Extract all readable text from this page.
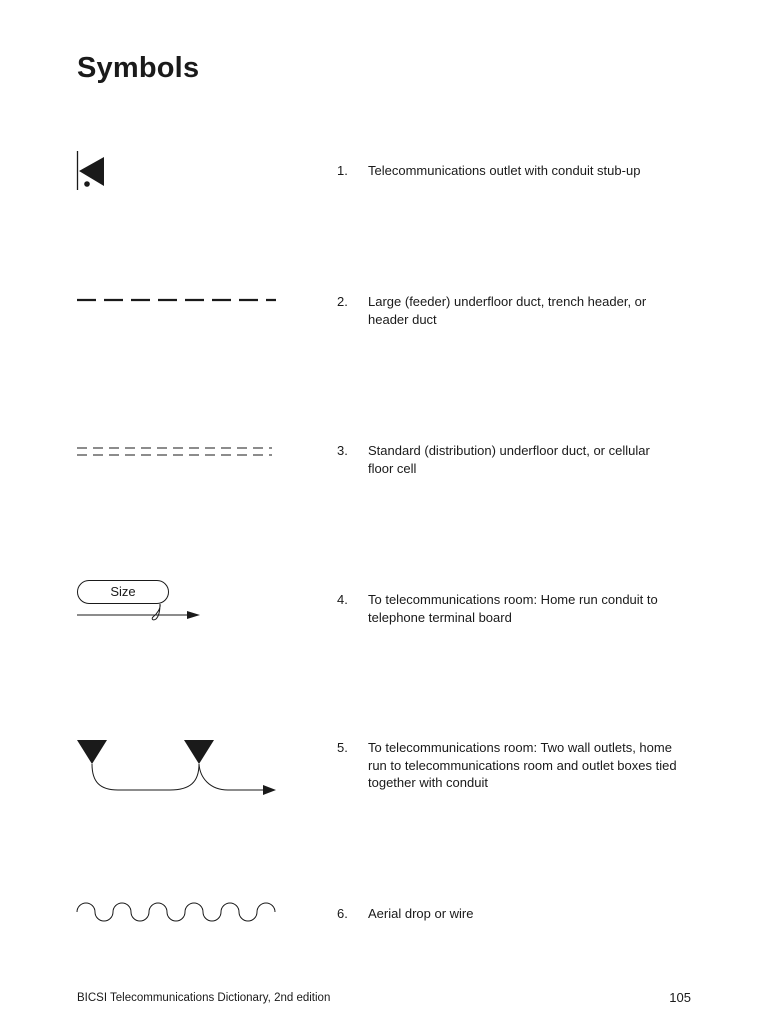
Symbols
Size
1. Telecommunications outlet with conduit stub-up
2. Large (feeder) underfloor duct, trench header, or header duct
3. Standard (distribution) underfloor duct, or cellular floor cell
4. To telecommunications room: Home run conduit to telephone terminal board
5. To telecommunications room: Two wall outlets, home run to telecommunications room and outlet boxes tied together with conduit
6. Aerial drop or wire
BICSI Telecommunications Dictionary, 2nd edition	105
